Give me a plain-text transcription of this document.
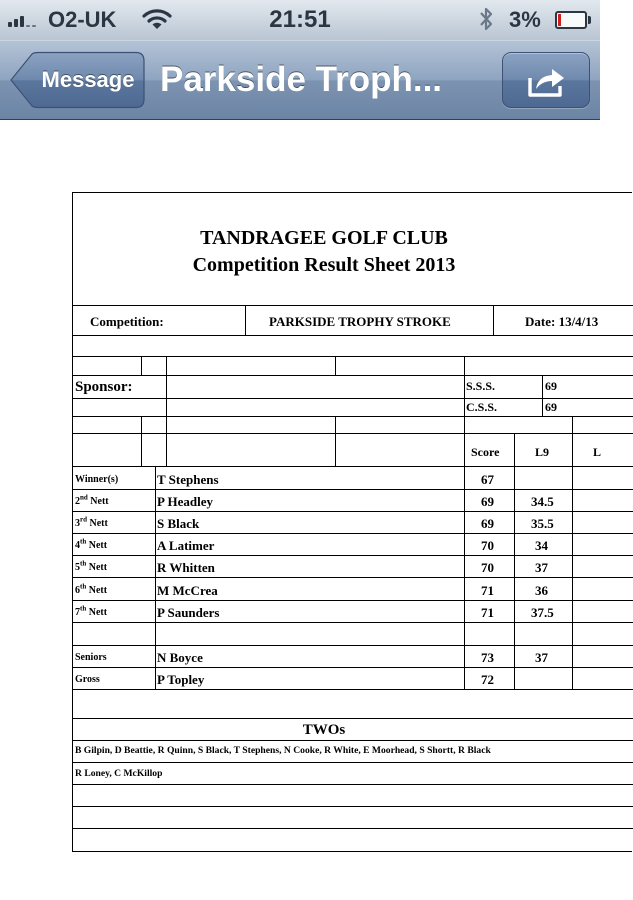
O2-UK	21:51	3%
Message Parkside Troph...
TANDRAGEE GOLF CLUB
Competition Result Sheet 2013
Competition:	PARKSIDE TROPHY STROKE	Date: 13/4/13
Sponsor:	S.S.S.	69
C.S.S.	69
Score	L9	L
Winner(s)	T Stephens	67
2nd Nett	P Headley	69	34.5
3rd Nett	S Black	69	35.5
4th Nett	A Latimer	70	34
5th Nett	R Whitten	70	37
6th Nett	M McCrea	71	36
7th Nett	P Saunders	71	37.5
Seniors	N Boyce	73	37
Gross	P Topley	72
TWOs
B Gilpin, D Beattie, R Quinn, S Black, T Stephens, N Cooke, R White, E Moorhead, S Shortt, R Black
R Loney, C McKillop
